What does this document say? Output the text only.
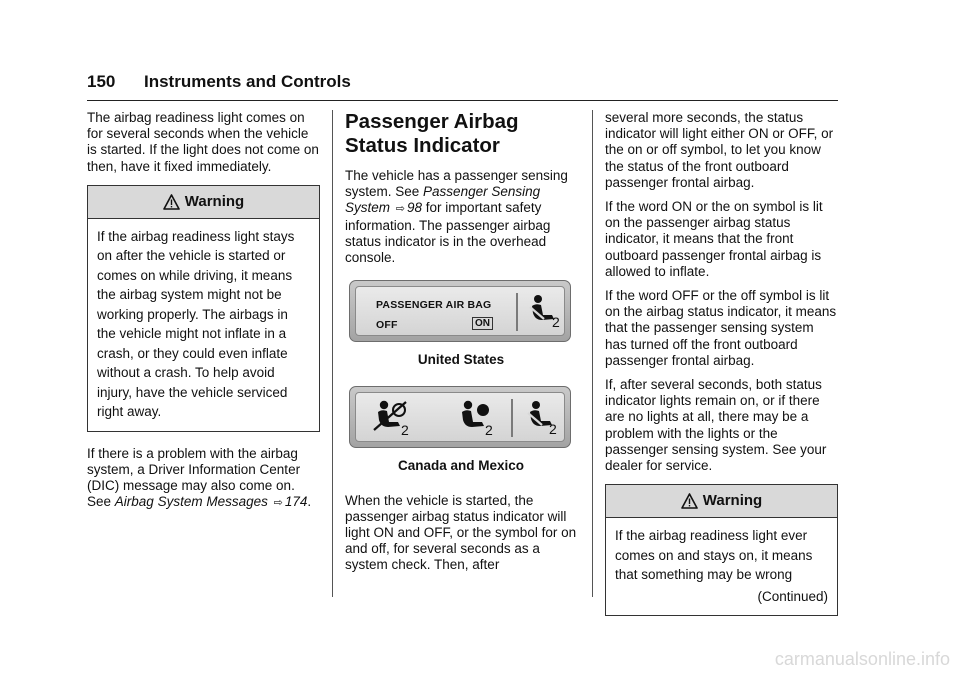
150 Instruments and Controls

The airbag readiness light comes on for several seconds when the vehicle is started. If the light does not come on then, have it fixed immediately.

Warning
If the airbag readiness light stays
on after the vehicle is started or
comes on while driving, it means
the airbag system might not be
working properly. The airbags in
the vehicle might not inflate in a
crash, or they could even inflate
without a crash. To help avoid
injury, have the vehicle serviced
right away.

If there is a problem with the airbag system, a Driver Information Center (DIC) message may also come on. See Airbag System Messages ⇨ 174.

Passenger Airbag Status Indicator

The vehicle has a passenger sensing system. See Passenger Sensing System ⇨ 98 for important safety information. The passenger airbag status indicator is in the overhead console.

PASSENGER AIR BAG
OFF	ON	2
United States
2	2	2
Canada and Mexico

When the vehicle is started, the passenger airbag status indicator will light ON and OFF, or the symbol for on and off, for several seconds as a system check. Then, after

several more seconds, the status indicator will light either ON or OFF, or the on or off symbol, to let you know the status of the front outboard passenger frontal airbag.

If the word ON or the on symbol is lit on the passenger airbag status indicator, it means that the front outboard passenger frontal airbag is allowed to inflate.

If the word OFF or the off symbol is lit on the airbag status indicator, it means that the passenger sensing system has turned off the front outboard passenger frontal airbag.

If, after several seconds, both status indicator lights remain on, or if there are no lights at all, there may be a problem with the lights or the passenger sensing system. See your dealer for service.

Warning
If the airbag readiness light ever
comes on and stays on, it means
that something may be wrong
(Continued)
carmanualsonline.info
